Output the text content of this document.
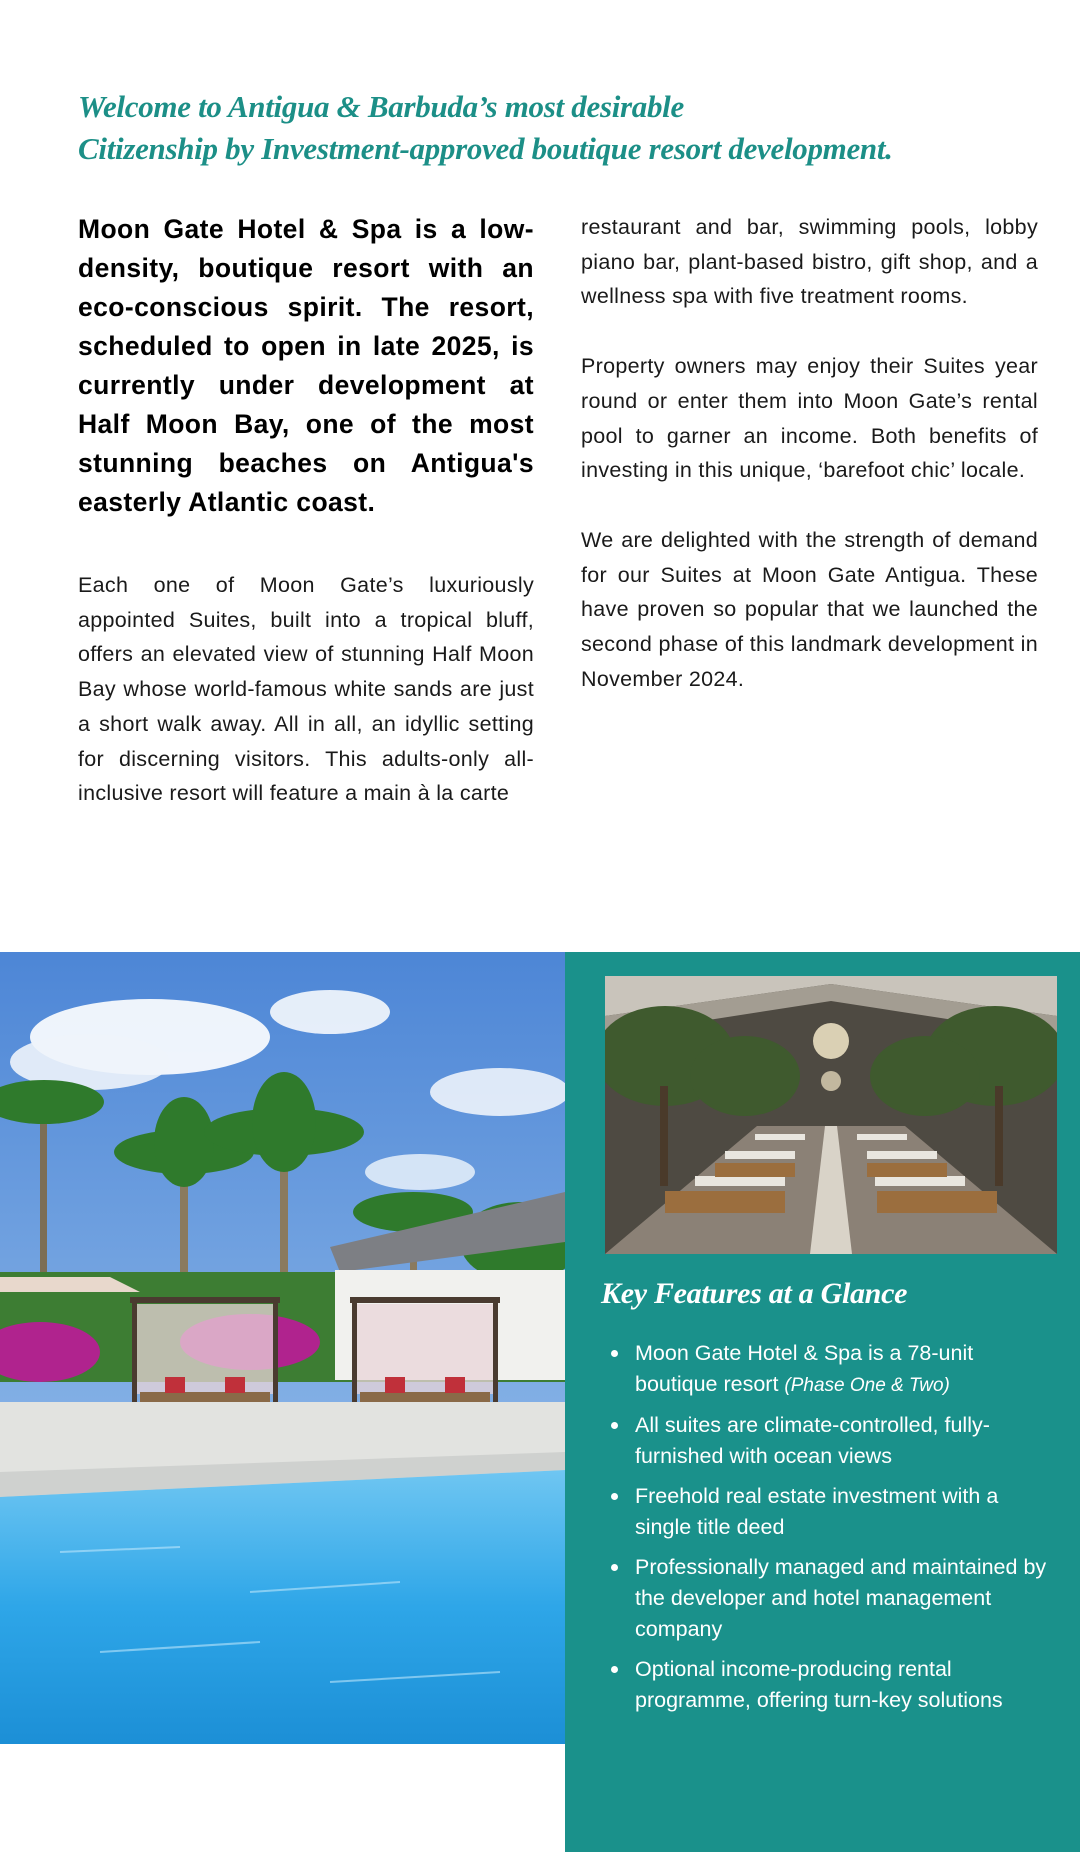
Welcome to Antigua & Barbuda’s most desirable
Citizenship by Investment-approved boutique resort development.

Moon Gate Hotel & Spa is a low-density, boutique resort with an eco-conscious spirit. The resort, scheduled to open in late 2025, is currently under development at Half Moon Bay, one of the most stunning beaches on Antigua's easterly Atlantic coast.

Each one of Moon Gate’s luxuriously appointed Suites, built into a tropical bluff, offers an elevated view of stunning Half Moon Bay whose world-famous white sands are just a short walk away. All in all, an idyllic setting for discerning visitors. This adults-only all-inclusive resort will feature a main à la carte

restaurant and bar, swimming pools, lobby piano bar, plant-based bistro, gift shop, and a wellness spa with five treatment rooms.

Property owners may enjoy their Suites year round or enter them into Moon Gate’s rental pool to garner an income. Both benefits of investing in this unique, ‘barefoot chic’ locale.

We are delighted with the strength of demand for our Suites at Moon Gate Antigua. These have proven so popular that we launched the second phase of this landmark development in November 2024.

Key Features at a Glance
Moon Gate Hotel & Spa is a 78-unit boutique resort (Phase One & Two)
All suites are climate-controlled, fully-furnished with ocean views
Freehold real estate investment with a single title deed
Professionally managed and maintained by the developer and hotel management company
Optional income-producing rental programme, offering turn-key solutions
